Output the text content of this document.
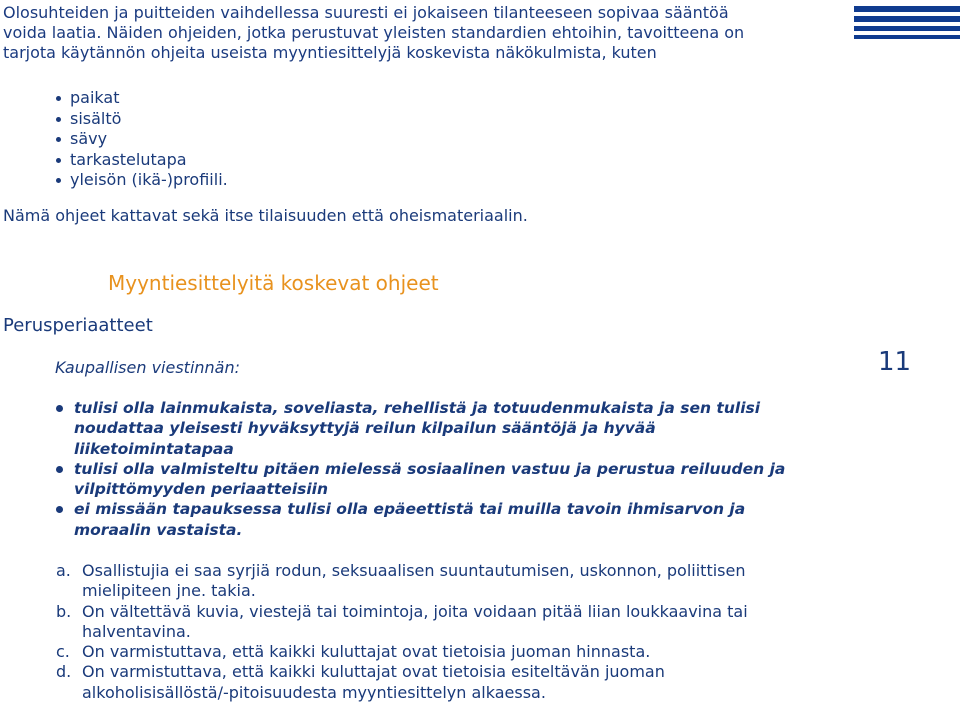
Olosuhteiden ja puitteiden vaihdellessa suuresti ei jokaiseen tilanteeseen sopivaa sääntöä
voida laatia. Näiden ohjeiden, jotka perustuvat yleisten standardien ehtoihin, tavoitteena on
tarjota käytännön ohjeita useista myyntiesittelyjä koskevista näkökulmista, kuten
paikat
sisältö
sävy
tarkastelutapa
yleisön (ikä-)profiili.
Nämä ohjeet kattavat sekä itse tilaisuuden että oheismateriaalin.
Myyntiesittelyitä koskevat ohjeet
Perusperiaatteet
Kaupallisen viestinnän:	11
tulisi olla lainmukaista, soveliasta, rehellistä ja totuudenmukaista ja sen tulisi noudattaa yleisesti hyväksyttyjä reilun kilpailun sääntöjä ja hyvää liiketoimintatapaa
tulisi olla valmisteltu pitäen mielessä sosiaalinen vastuu ja perustua reiluuden ja vilpittömyyden periaatteisiin
ei missään tapauksessa tulisi olla epäeettistä tai muilla tavoin ihmisarvon ja moraalin vastaista.
a. Osallistujia ei saa syrjiä rodun, seksuaalisen suuntautumisen, uskonnon, poliittisen mielipiteen jne. takia.
b. On vältettävä kuvia, viestejä tai toimintoja, joita voidaan pitää liian loukkaavina tai halventavina.
c. On varmistuttava, että kaikki kuluttajat ovat tietoisia juoman hinnasta.
d. On varmistuttava, että kaikki kuluttajat ovat tietoisia esiteltävän juoman alkoholisisällöstä/-pitoisuudesta myyntiesittelyn alkaessa.
